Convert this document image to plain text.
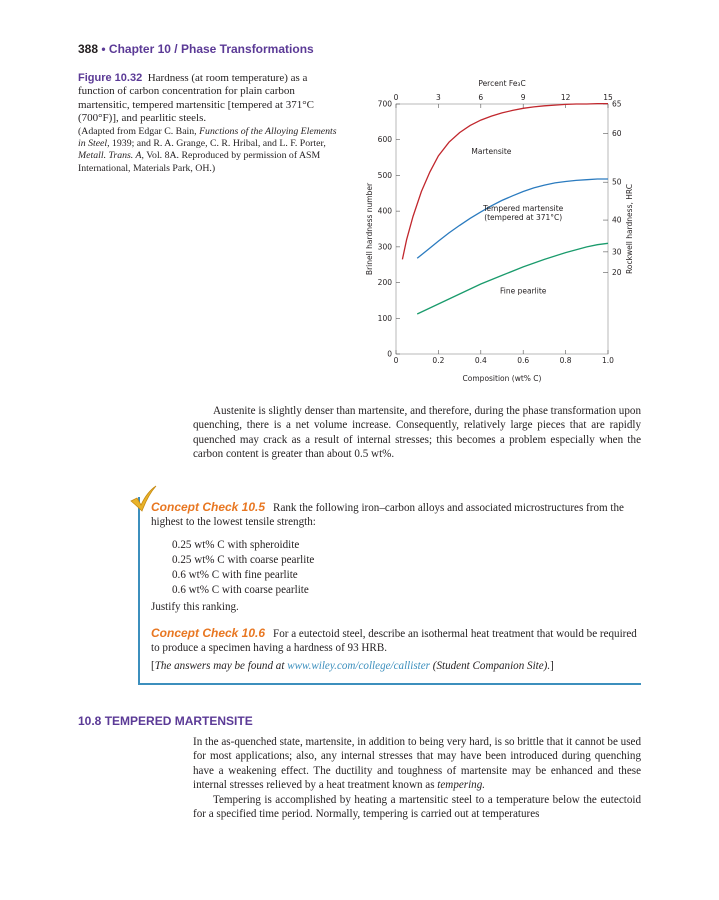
388 • Chapter 10 / Phase Transformations
Figure 10.32 Hardness (at room temperature) as a function of carbon concentration for plain carbon martensitic, tempered martensitic [tempered at 371°C (700°F)], and pearlitic steels.
(Adapted from Edgar C. Bain, Functions of the Alloying Elements in Steel, 1939; and R. A. Grange, C. R. Hribal, and L. F. Porter, Metall. Trans. A, Vol. 8A. Reproduced by permission of ASM International, Materials Park, OH.)
0	0.2	0.4	0.6	0.8	1.0
0	3	6	9	12	15
0
100
200
300
400
500
600
700
20
30
40
50
60
65
Percent Fe₃C
Composition (wt% C)
Brinell hardness number	Rockwell hardness, HRC
Martensite
Tempered martensite
(tempered at 371°C)
Fine pearlite
Austenite is slightly denser than martensite, and therefore, during the phase transformation upon quenching, there is a net volume increase. Consequently, relatively large pieces that are rapidly quenched may crack as a result of internal stresses; this becomes a problem especially when the carbon content is greater than about 0.5 wt%.
Concept Check 10.5 Rank the following iron–carbon alloys and associated microstructures from the highest to the lowest tensile strength:
0.25 wt% C with spheroidite
0.25 wt% C with coarse pearlite
0.6 wt% C with fine pearlite
0.6 wt% C with coarse pearlite
Justify this ranking.
Concept Check 10.6 For a eutectoid steel, describe an isothermal heat treatment that would be required to produce a specimen having a hardness of 93 HRB.
[The answers may be found at www.wiley.com/college/callister (Student Companion Site).]
10.8 TEMPERED MARTENSITE

In the as-quenched state, martensite, in addition to being very hard, is so brittle that it cannot be used for most applications; also, any internal stresses that may have been introduced during quenching have a weakening effect. The ductility and toughness of martensite may be enhanced and these internal stresses relieved by a heat treatment known as tempering.

Tempering is accomplished by heating a martensitic steel to a temperature below the eutectoid for a specified time period. Normally, tempering is carried out at temperatures
